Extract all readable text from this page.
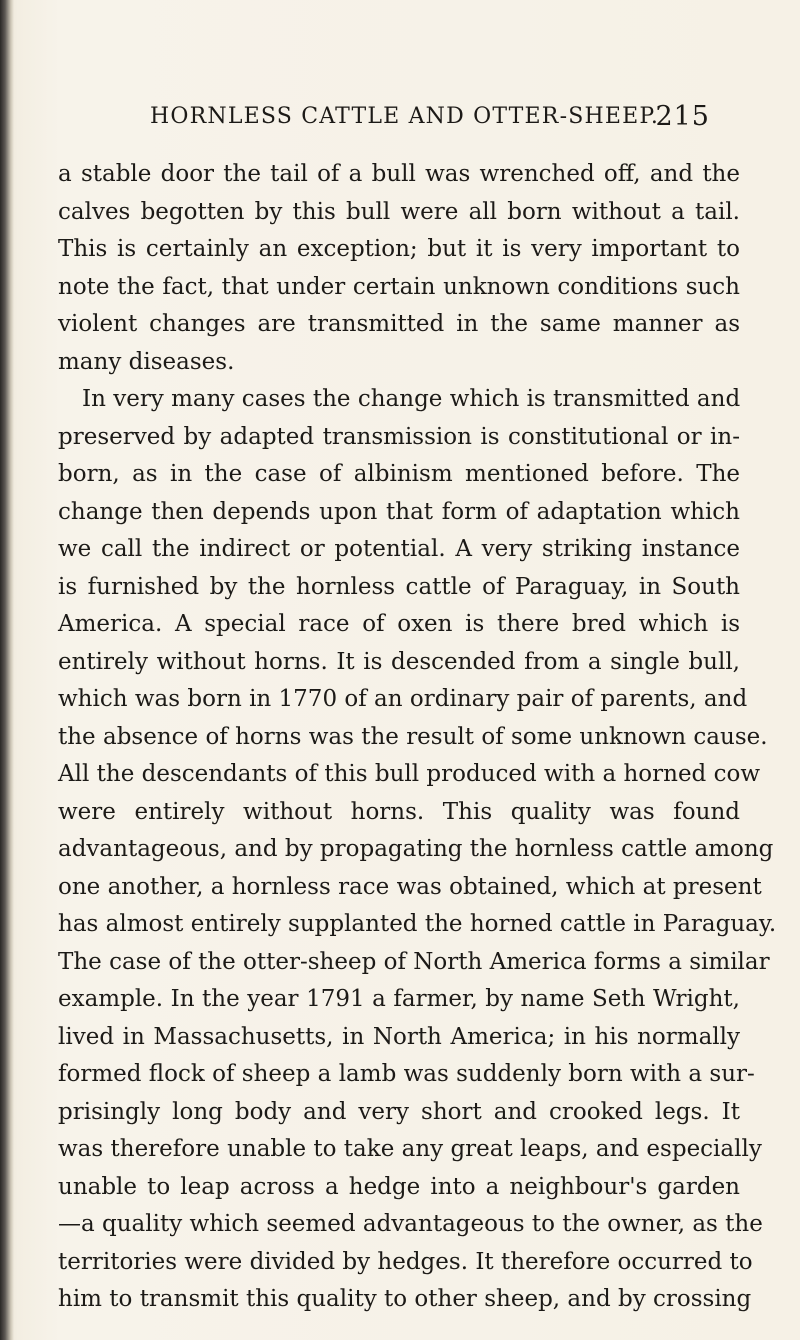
HORNLESS CATTLE AND OTTER-SHEEP.
215
a stable door the tail of a bull was wrenched off, and the
calves begotten by this bull were all born without a tail.
This is certainly an exception; but it is very important to
note the fact, that under certain unknown conditions such
violent changes are transmitted in the same manner as
many diseases.
In very many cases the change which is transmitted and
preserved by adapted transmission is constitutional or in-
born, as in the case of albinism mentioned before. The
change then depends upon that form of adaptation which
we call the indirect or potential. A very striking instance
is furnished by the hornless cattle of Paraguay, in South
America. A special race of oxen is there bred which is
entirely without horns. It is descended from a single bull,
which was born in 1770 of an ordinary pair of parents, and
the absence of horns was the result of some unknown cause.
All the descendants of this bull produced with a horned cow
were entirely without horns. This quality was found
advantageous, and by propagating the hornless cattle among
one another, a hornless race was obtained, which at present
has almost entirely supplanted the horned cattle in Paraguay.
The case of the otter-sheep of North America forms a similar
example. In the year 1791 a farmer, by name Seth Wright,
lived in Massachusetts, in North America; in his normally
formed flock of sheep a lamb was suddenly born with a sur-
prisingly long body and very short and crooked legs. It
was therefore unable to take any great leaps, and especially
unable to leap across a hedge into a neighbour's garden
—a quality which seemed advantageous to the owner, as the
territories were divided by hedges. It therefore occurred to
him to transmit this quality to other sheep, and by crossing
